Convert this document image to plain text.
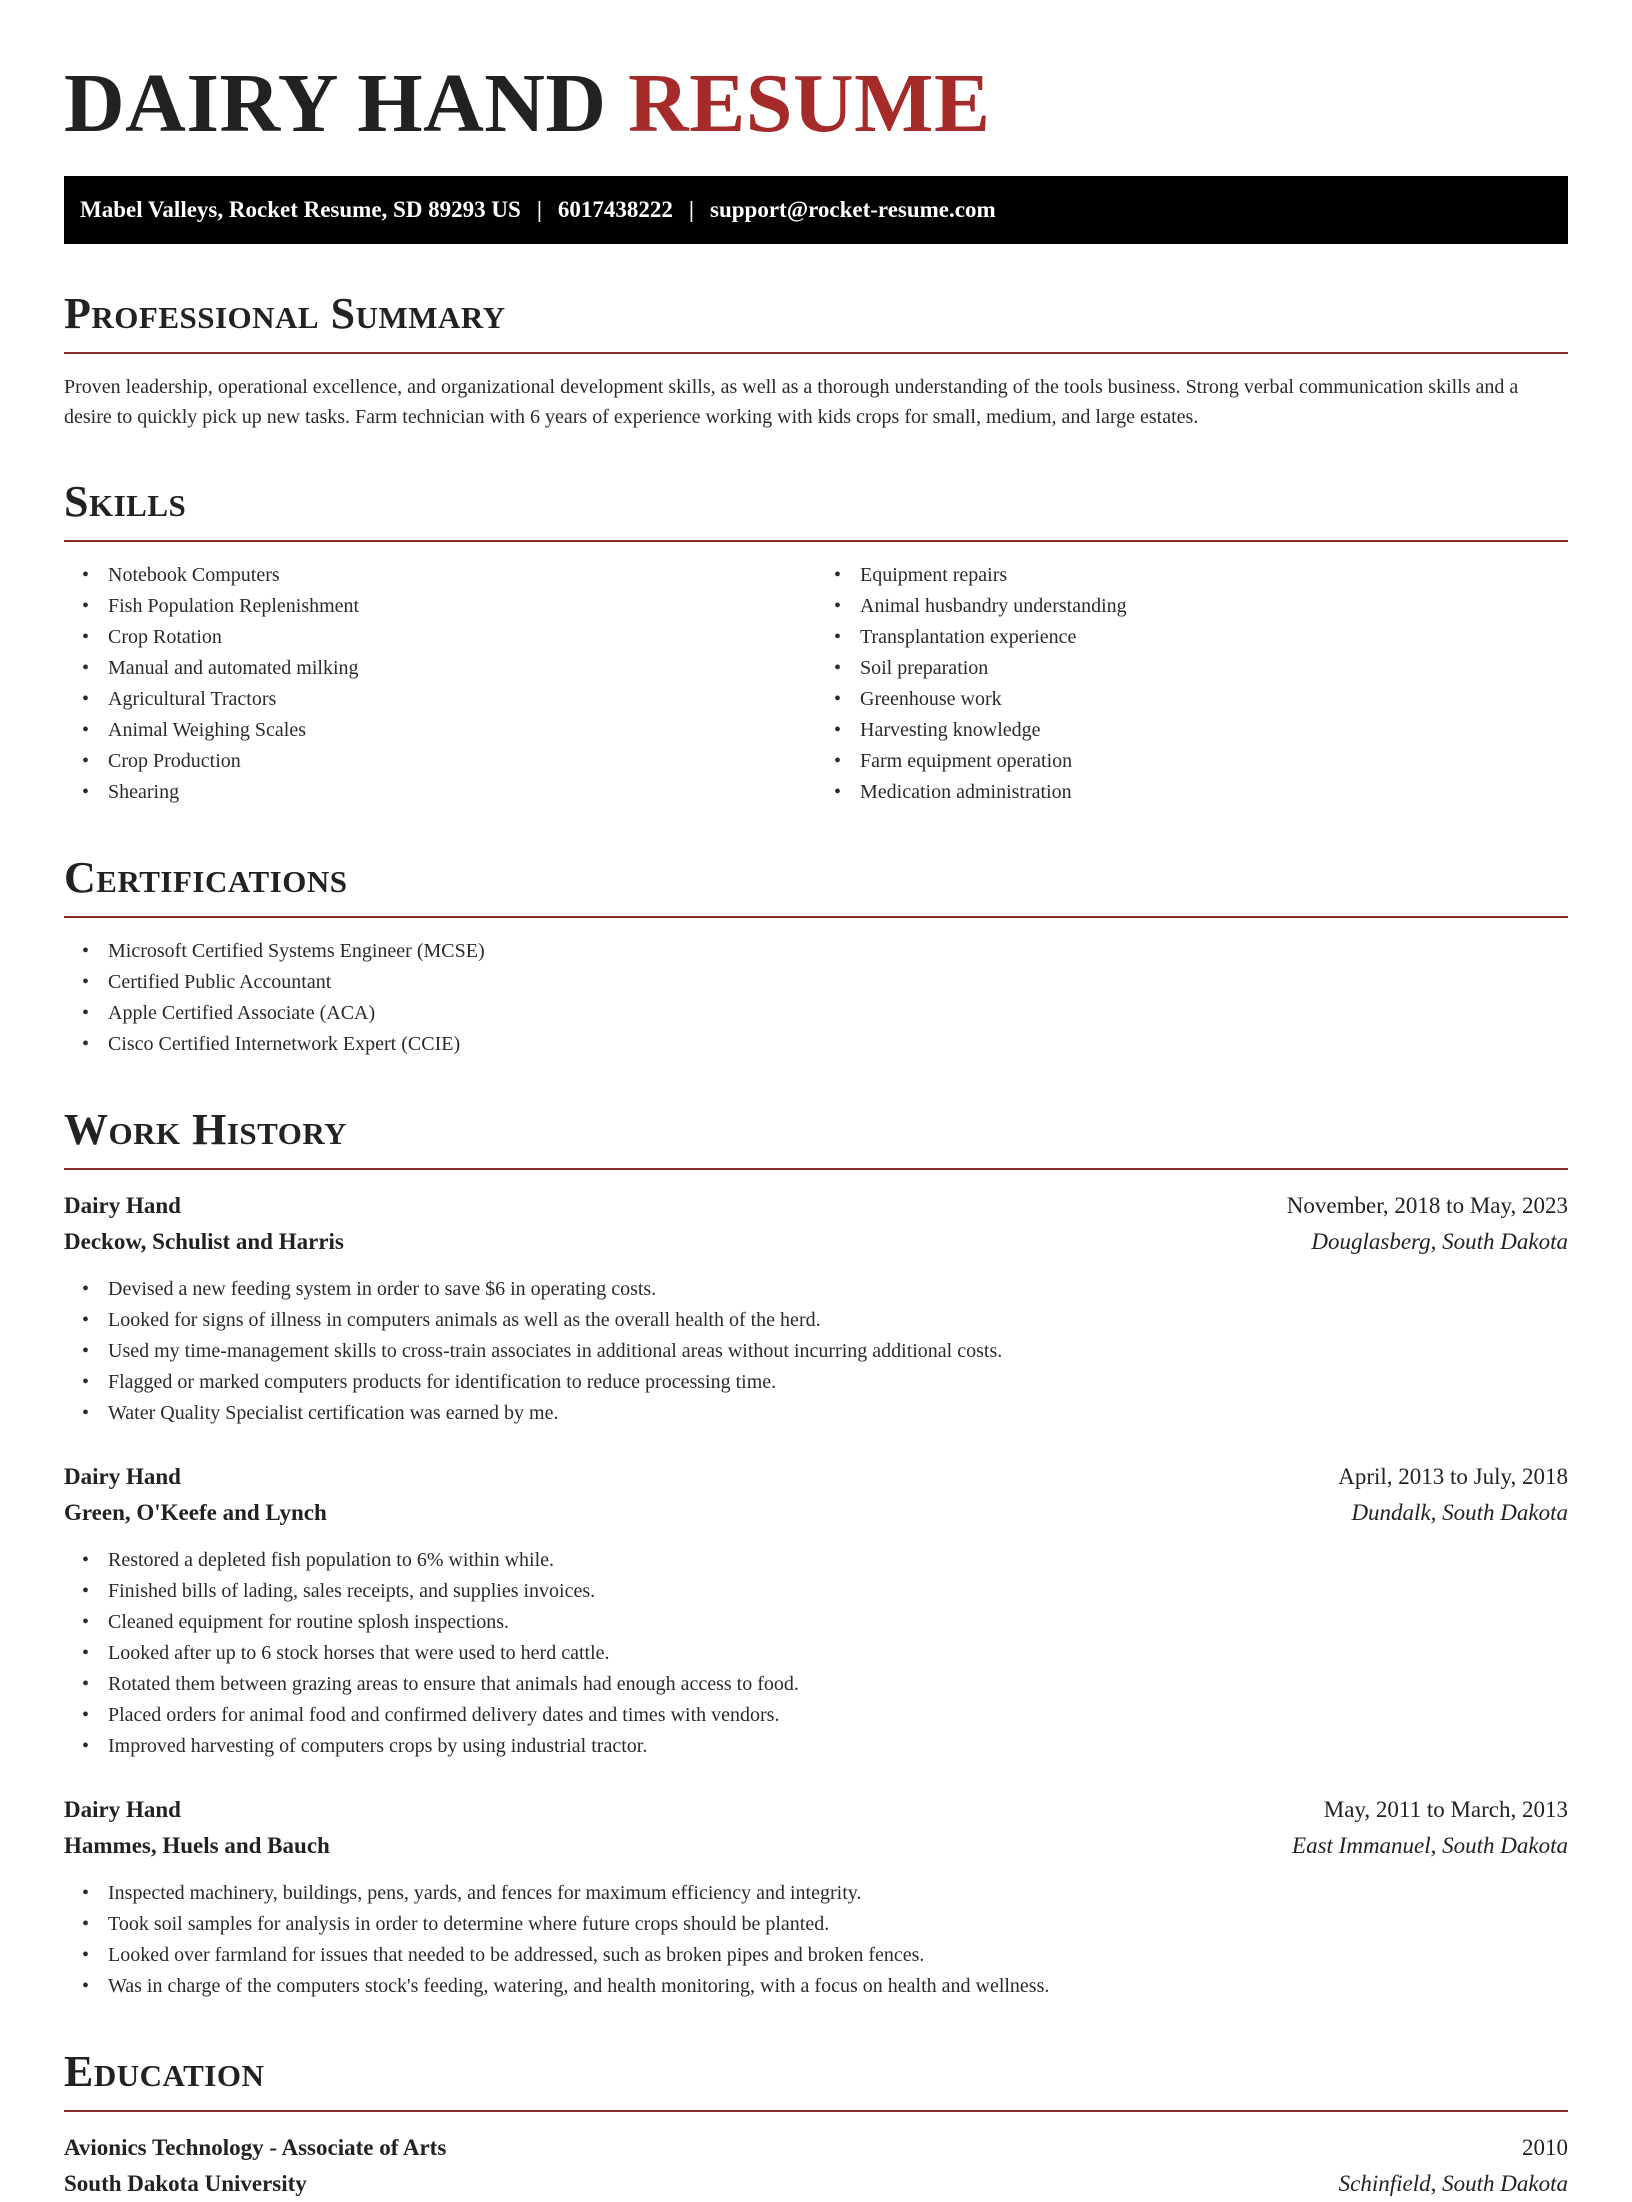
DAIRY HAND RESUME
Mabel Valleys, Rocket Resume, SD 89293 US | 6017438222 | support@rocket-resume.com
Professional Summary

Proven leadership, operational excellence, and organizational development skills, as well as a thorough understanding of the tools business. Strong verbal communication skills and a desire to quickly pick up new tasks. Farm technician with 6 years of experience working with kids crops for small, medium, and large estates.

Skills
• Notebook Computers
• Fish Population Replenishment
• Crop Rotation
• Manual and automated milking
• Agricultural Tractors
• Animal Weighing Scales
• Crop Production
• Shearing
• Equipment repairs
• Animal husbandry understanding
• Transplantation experience
• Soil preparation
• Greenhouse work
• Harvesting knowledge
• Farm equipment operation
• Medication administration
Certifications
• Microsoft Certified Systems Engineer (MCSE)
• Certified Public Accountant
• Apple Certified Associate (ACA)
• Cisco Certified Internetwork Expert (CCIE)
Work History
Dairy Hand	November, 2018 to May, 2023
Deckow, Schulist and Harris	Douglasberg, South Dakota
• Devised a new feeding system in order to save $6 in operating costs.
• Looked for signs of illness in computers animals as well as the overall health of the herd.
• Used my time-management skills to cross-train associates in additional areas without incurring additional costs.
• Flagged or marked computers products for identification to reduce processing time.
• Water Quality Specialist certification was earned by me.
Dairy Hand	April, 2013 to July, 2018
Green, O'Keefe and Lynch	Dundalk, South Dakota
• Restored a depleted fish population to 6% within while.
• Finished bills of lading, sales receipts, and supplies invoices.
• Cleaned equipment for routine splosh inspections.
• Looked after up to 6 stock horses that were used to herd cattle.
• Rotated them between grazing areas to ensure that animals had enough access to food.
• Placed orders for animal food and confirmed delivery dates and times with vendors.
• Improved harvesting of computers crops by using industrial tractor.
Dairy Hand	May, 2011 to March, 2013
Hammes, Huels and Bauch	East Immanuel, South Dakota
• Inspected machinery, buildings, pens, yards, and fences for maximum efficiency and integrity.
• Took soil samples for analysis in order to determine where future crops should be planted.
• Looked over farmland for issues that needed to be addressed, such as broken pipes and broken fences.
• Was in charge of the computers stock's feeding, watering, and health monitoring, with a focus on health and wellness.
Education
Avionics Technology - Associate of Arts	2010
South Dakota University	Schinfield, South Dakota
